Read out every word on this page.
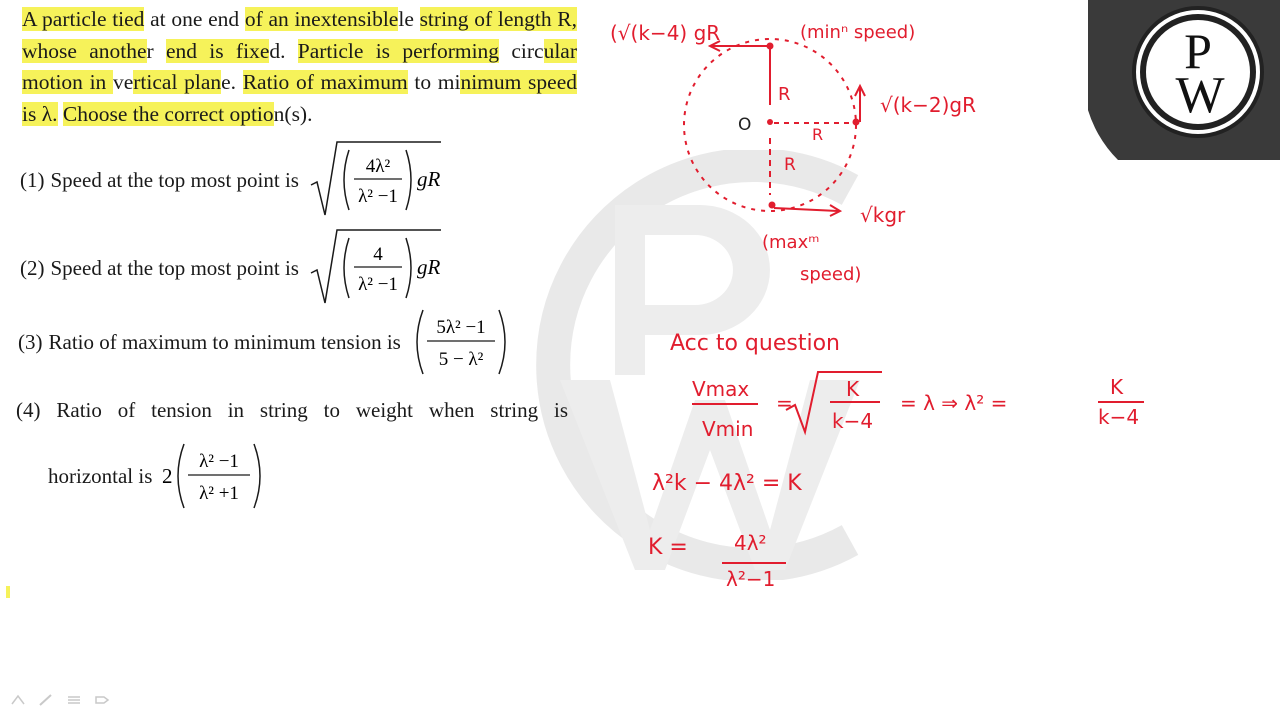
P
W
A particle tied at one end of an inextensiblele string of length R, whose another end is fixed. Particle is performing circular motion in vertical plane. Ratio of maximum to minimum speed is λ. Choose the correct option(s).
(1) Speed at the top most point is
4λ²
λ² −1
gR
(2) Speed at the top most point is
4
λ² −1
gR
(3) Ratio of maximum to minimum tension is
5λ² −1
5 − λ²
(4) Ratio of tension in string to weight when string is
horizontal is 2
λ² −1
λ² +1
(√(k−4) gR	(minⁿ speed)
√(k−2)gR
O
R
R
R
√kgr
(maxᵐ
speed)
Acc to question
Vmax
Vmin
=
K
k−4
= λ ⇒ λ² =
K
k−4
λ²k − 4λ² = K
K = 4λ²
λ²−1
